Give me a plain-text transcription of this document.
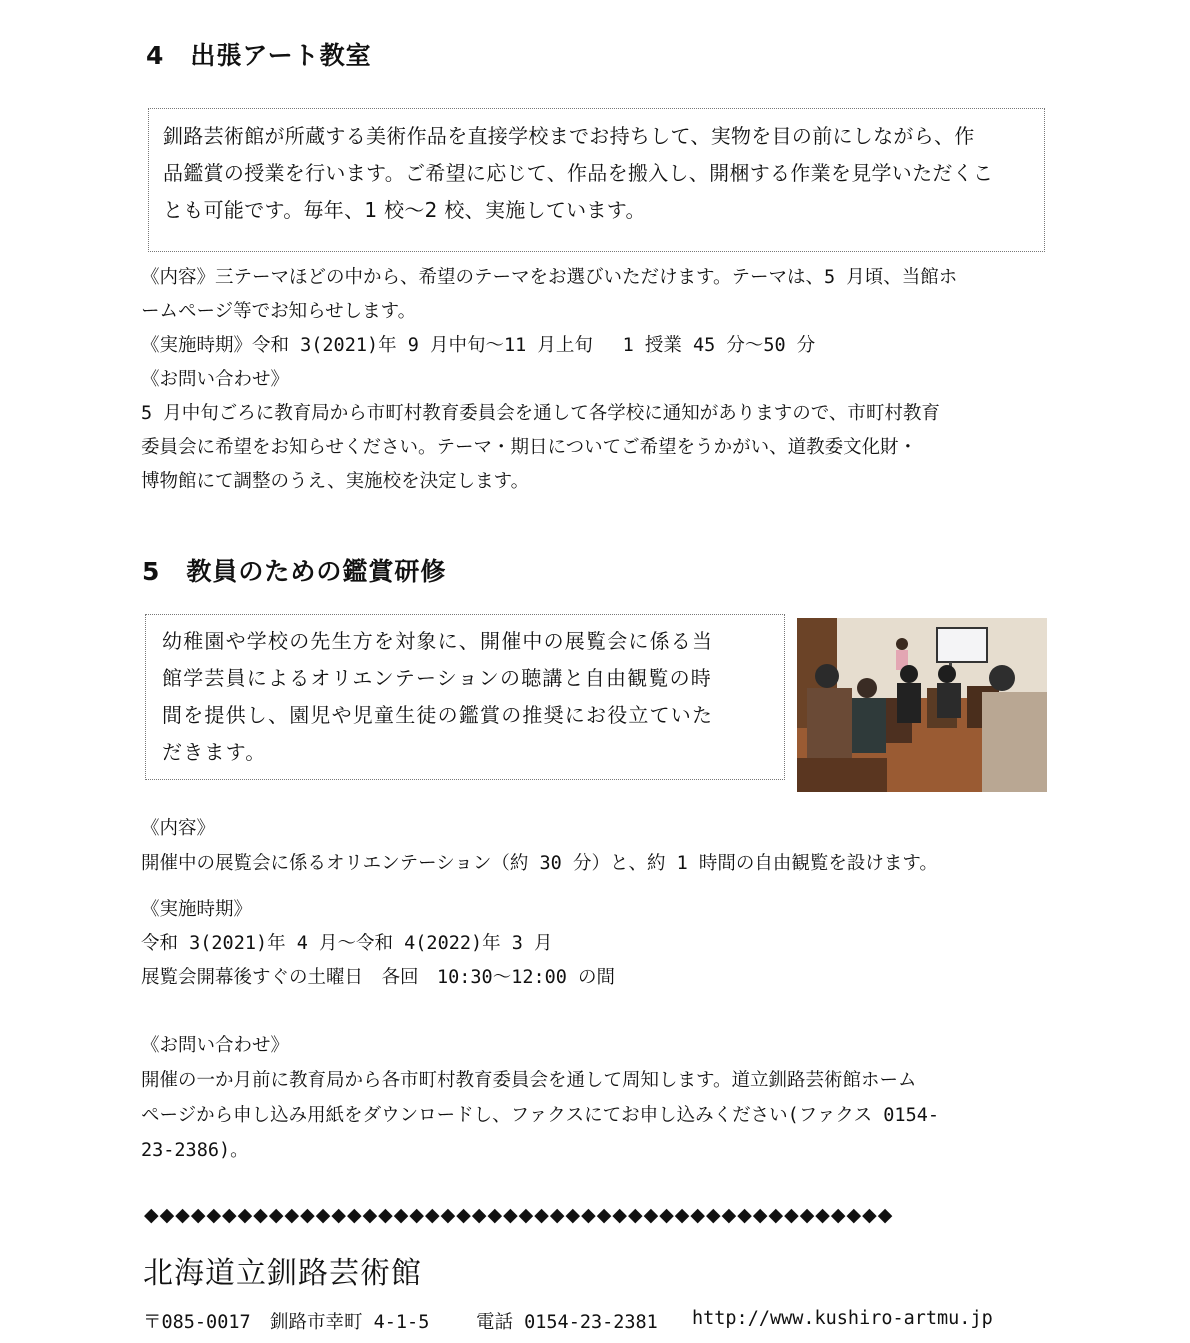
4　出張アート教室
釧路芸術館が所蔵する美術作品を直接学校までお持ちして、実物を目の前にしながら、作
品鑑賞の授業を行います。ご希望に応じて、作品を搬入し、開梱する作業を見学いただくこ
とも可能です。毎年、1 校～2 校、実施しています。
《内容》三テーマほどの中から、希望のテーマをお選びいただけます。テーマは、5 月頃、当館ホ
ームページ等でお知らせします。
《実施時期》令和 3(2021)年 9 月中旬～11 月上旬　 1 授業 45 分～50 分
《お問い合わせ》
5 月中旬ごろに教育局から市町村教育委員会を通して各学校に通知がありますので、市町村教育
委員会に希望をお知らせください。テーマ・期日についてご希望をうかがい、道教委文化財・
博物館にて調整のうえ、実施校を決定します。
5　教員のための鑑賞研修
幼稚園や学校の先生方を対象に、開催中の展覧会に係る当
館学芸員によるオリエンテーションの聴講と自由観覧の時
間を提供し、園児や児童生徒の鑑賞の推奨にお役立ていた
だきます。
《内容》
開催中の展覧会に係るオリエンテーション（約 30 分）と、約 1 時間の自由観覧を設けます。
《実施時期》
令和 3(2021)年 4 月～令和 4(2022)年 3 月
展覧会開幕後すぐの土曜日　各回　10:30～12:00 の間
《お問い合わせ》
開催の一か月前に教育局から各市町村教育委員会を通して周知します。道立釧路芸術館ホーム
ページから申し込み用紙をダウンロードし、ファクスにてお申し込みください(ファクス 0154-
23-2386)。
◆◆◆◆◆◆◆◆◆◆◆◆◆◆◆◆◆◆◆◆◆◆◆◆◆◆◆◆◆◆◆◆◆◆◆◆◆◆◆◆◆◆◆◆◆◆◆◆
北海道立釧路芸術館
〒085-0017 釧路市幸町 4-1-5	電話 0154-23-2381 http://www.kushiro-artmu.jp
